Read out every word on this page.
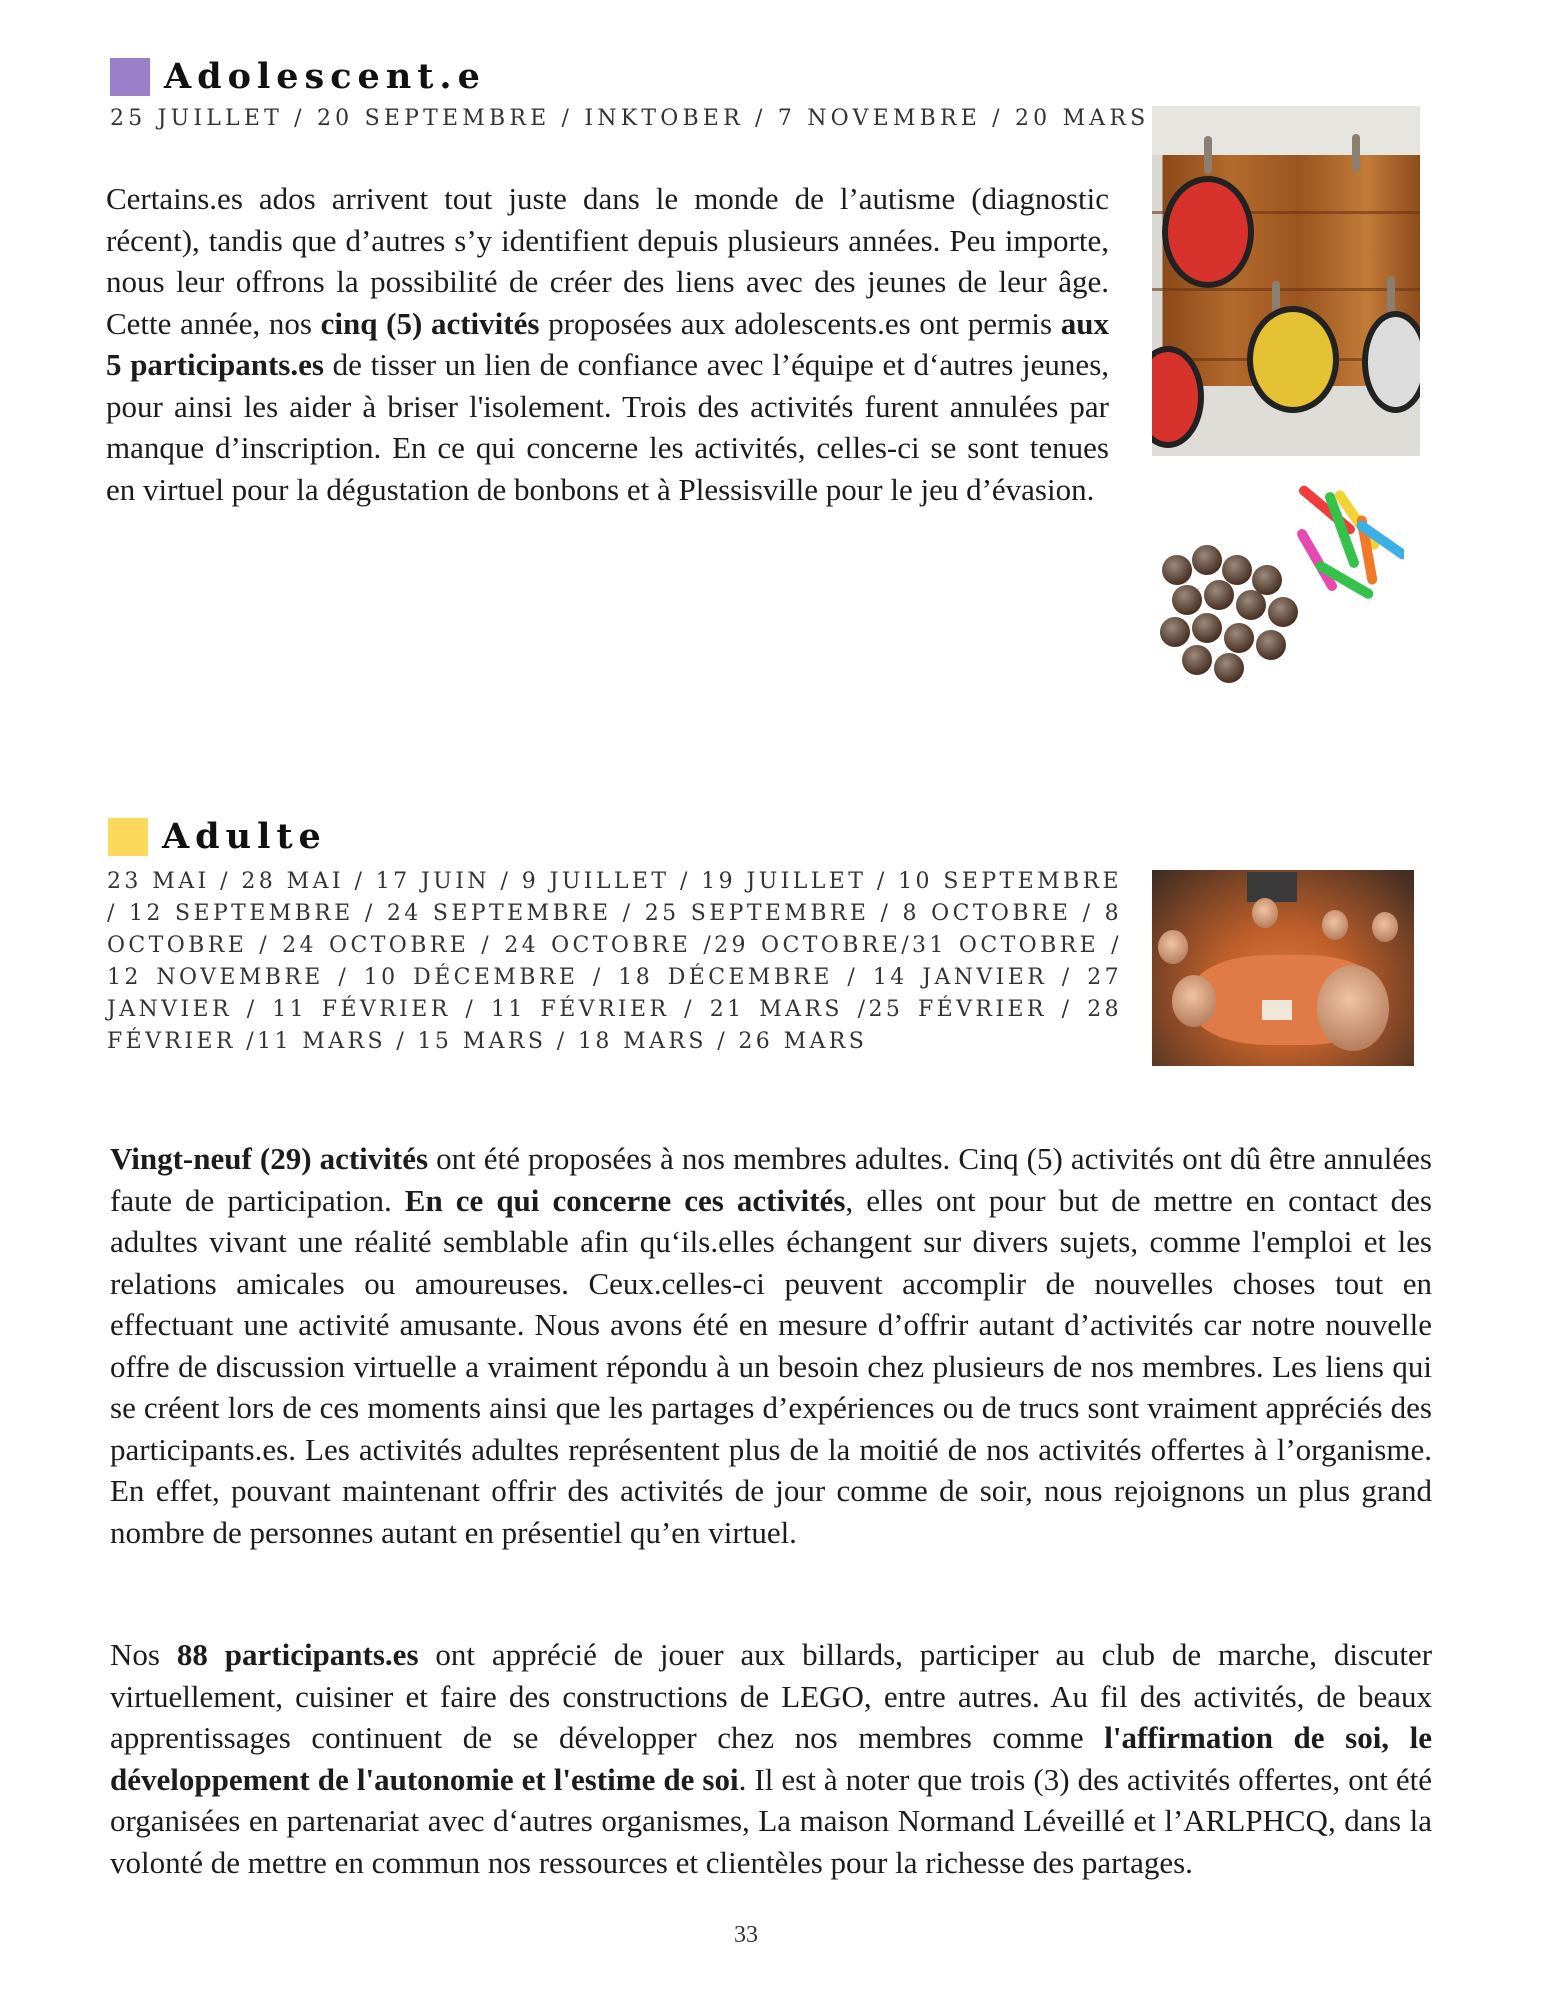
Adolescent.e
25 JUILLET / 20 SEPTEMBRE / INKTOBER / 7 NOVEMBRE / 20 MARS
Certains.es ados arrivent tout juste dans le monde de l’autisme (diagnostic récent), tandis que d’autres s’y identifient depuis plusieurs années. Peu importe, nous leur offrons la possibilité de créer des liens avec des jeunes de leur âge. Cette année, nos cinq (5) activités proposées aux adolescents.es ont permis aux 5 participants.es de tisser un lien de confiance avec l’équipe et d‘autres jeunes, pour ainsi les aider à briser l'isolement. Trois des activités furent annulées par manque d’inscription. En ce qui concerne les activités, celles-ci se sont tenues en virtuel pour la dégustation de bonbons et à Plessisville pour le jeu d’évasion.
Adulte
23 MAI / 28 MAI / 17 JUIN / 9 JUILLET / 19 JUILLET / 10 SEPTEMBRE / 12 SEPTEMBRE / 24 SEPTEMBRE / 25 SEPTEMBRE / 8 OCTOBRE / 8 OCTOBRE / 24 OCTOBRE / 24 OCTOBRE /29 OCTOBRE/31 OCTOBRE / 12 NOVEMBRE / 10 DÉCEMBRE / 18 DÉCEMBRE / 14 JANVIER / 27 JANVIER / 11 FÉVRIER / 11 FÉVRIER / 21 MARS /25 FÉVRIER / 28 FÉVRIER /11 MARS / 15 MARS / 18 MARS / 26 MARS
Vingt-neuf (29) activités ont été proposées à nos membres adultes. Cinq (5) activités ont dû être annulées faute de participation. En ce qui concerne ces activités, elles ont pour but de mettre en contact des adultes vivant une réalité semblable afin qu‘ils.elles échangent sur divers sujets, comme l'emploi et les relations amicales ou amoureuses. Ceux.celles-ci peuvent accomplir de nouvelles choses tout en effectuant une activité amusante. Nous avons été en mesure d’offrir autant d’activités car notre nouvelle offre de discussion virtuelle a vraiment répondu à un besoin chez plusieurs de nos membres. Les liens qui se créent lors de ces moments ainsi que les partages d’expériences ou de trucs sont vraiment appréciés des participants.es. Les activités adultes représentent plus de la moitié de nos activités offertes à l’organisme. En effet, pouvant maintenant offrir des activités de jour comme de soir, nous rejoignons un plus grand nombre de personnes autant en présentiel qu’en virtuel.
Nos 88 participants.es ont apprécié de jouer aux billards, participer au club de marche, discuter virtuellement, cuisiner et faire des constructions de LEGO, entre autres. Au fil des activités, de beaux apprentissages continuent de se développer chez nos membres comme l'affirmation de soi, le développement de l'autonomie et l'estime de soi. Il est à noter que trois (3) des activités offertes, ont été organisées en partenariat avec d‘autres organismes, La maison Normand Léveillé et l’ARLPHCQ, dans la volonté de mettre en commun nos ressources et clientèles pour la richesse des partages.
33
